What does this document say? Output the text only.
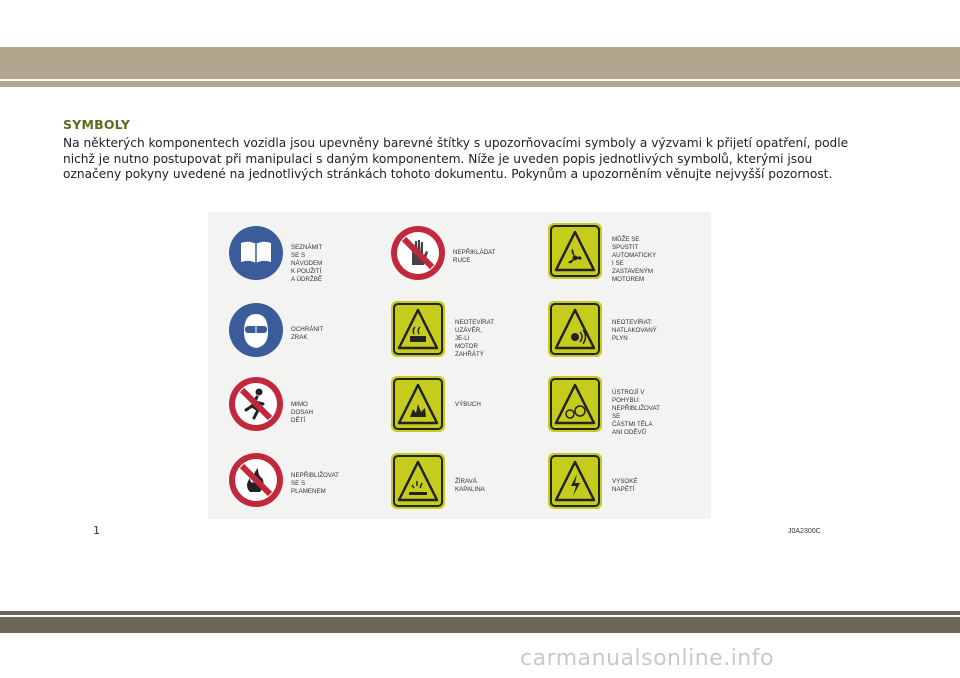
SYMBOLY
Na některých komponentech vozidla jsou upevněny barevné štítky s upozorňovacími symboly a výzvami k přijetí opatření, podle nichž je nutno postupovat při manipulaci s daným komponentem. Níže je uveden popis jednotlivých symbolů, kterými jsou označeny pokyny uvedené na jednotlivých stránkách tohoto dokumentu. Pokynům a upozorněním věnujte nejvyšší pozornost.
SEZNÁMIT SE S NÁVODEM
K POUŽITÍ A ÚDRŽBĚ
NEPŘIKLÁDAT RUCE
MŮŽE SE SPUSTIT
AUTOMATICKY
I SE ZASTAVENÝM
MOTOREM
OCHRÁNIT ZRAK
NEOTEVÍRAT UZÁVĚR,
JE-LI MOTOR ZAHŘÁTÝ
NEOTEVÍRAT:
NATLAKOVANÝ PLYN
MIMO DOSAH DĚTÍ
VÝBUCH
ÚSTROJÍ V POHYBU:
NEPŘIBLIŽOVAT SE
ČÁSTMI TĚLA ANI ODĚVŮ
NEPŘIBLIŽOVAT
SE S PLAMENEM
ŽÍRAVÁ KAPALINA
VYSOKÉ NAPĚTÍ
1	J0A2300C
carmanualsonline.info
